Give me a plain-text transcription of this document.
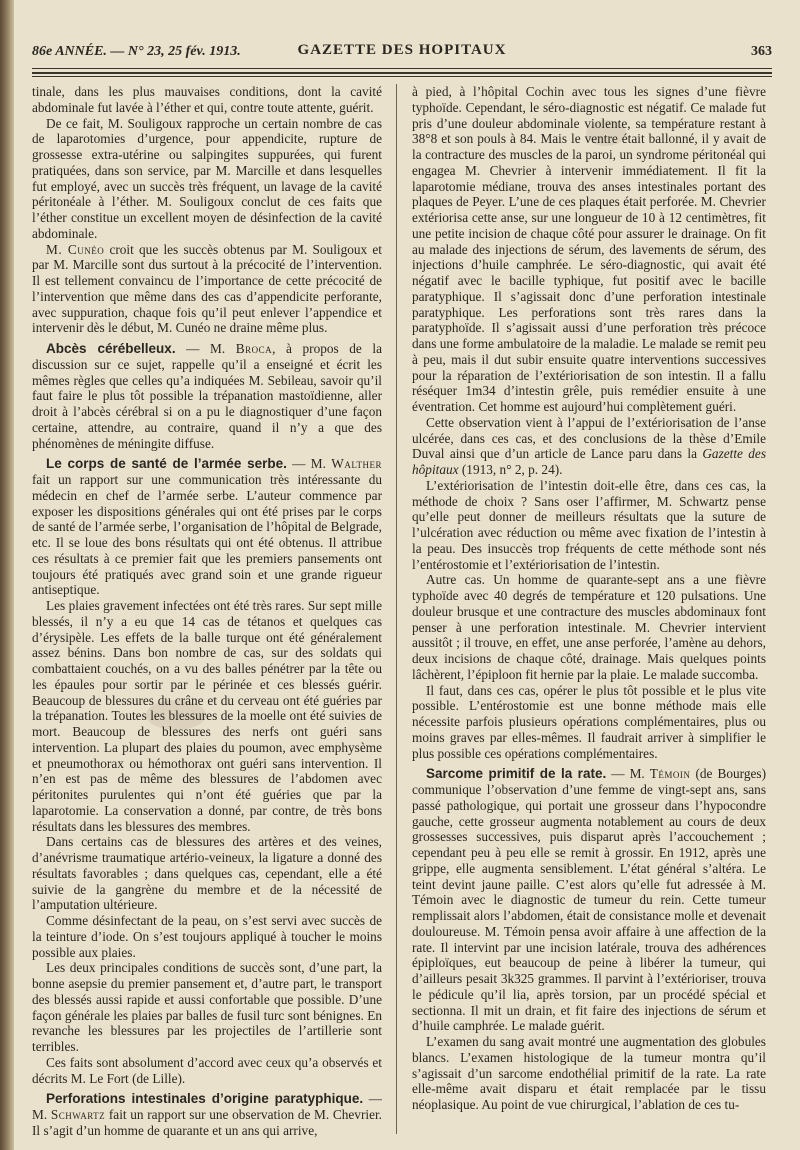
86e ANNÉE. — N° 23, 25 fév. 1913.	GAZETTE DES HOPITAUX	363

tinale, dans les plus mauvaises conditions, dont la cavité abdominale fut lavée à l’éther et qui, contre toute attente, guérit.

De ce fait, M. Souligoux rapproche un certain nombre de cas de laparotomies d’urgence, pour appendicite, rupture de grossesse extra-utérine ou salpingites suppurées, qui furent pratiquées, dans son service, par M. Marcille et dans lesquelles fut employé, avec un succès très fréquent, un lavage de la cavité péritonéale à l’éther. M. Souligoux conclut de ces faits que l’éther constitue un excellent moyen de désinfection de la cavité abdominale.

M. Cunéo croit que les succès obtenus par M. Souligoux et par M. Marcille sont dus surtout à la précocité de l’intervention. Il est tellement convaincu de l’importance de cette précocité de l’intervention que même dans des cas d’appendicite perforante, avec suppuration, chaque fois qu’il peut enlever l’appendice et intervenir dès le début, M. Cunéo ne draine même plus.

Abcès cérébelleux. — M. Broca, à propos de la discussion sur ce sujet, rappelle qu’il a enseigné et écrit les mêmes règles que celles qu’a indiquées M. Sebileau, savoir qu’il faut faire le plus tôt possible la trépanation mastoïdienne, aller droit à l’abcès cérébral si on a pu le diagnostiquer d’une façon certaine, attendre, au contraire, quand il n’y a que des phénomènes de méningite diffuse.

Le corps de santé de l’armée serbe. — M. Walther fait un rapport sur une communication très intéressante du médecin en chef de l’armée serbe. L’auteur commence par exposer les dispositions générales qui ont été prises par le corps de santé de l’armée serbe, l’organisation de l’hôpital de Belgrade, etc. Il se loue des bons résultats qui ont été obtenus. Il attribue ces résultats à ce premier fait que les premiers pansements ont toujours été pratiqués avec grand soin et une grande rigueur antiseptique.

Les plaies gravement infectées ont été très rares. Sur sept mille blessés, il n’y a eu que 14 cas de tétanos et quelques cas d’érysipèle. Les effets de la balle turque ont été généralement assez bénins. Dans bon nombre de cas, sur des soldats qui combattaient couchés, on a vu des balles pénétrer par la tête ou les épaules pour sortir par le périnée et ces blessés guérir. Beaucoup de blessures du crâne et du cerveau ont été guéries par la trépanation. Toutes les blessures de la moelle ont été suivies de mort. Beaucoup de blessures des nerfs ont guéri sans intervention. La plupart des plaies du poumon, avec emphysème et pneumothorax ou hémothorax ont guéri sans intervention. Il n’en est pas de même des blessures de l’abdomen avec péritonites purulentes qui n’ont été guéries que par la laparotomie. La conservation a donné, par contre, de très bons résultats dans les blessures des membres.

Dans certains cas de blessures des artères et des veines, d’anévrisme traumatique artério-veineux, la ligature a donné des résultats favorables ; dans quelques cas, cependant, elle a été suivie de la gangrène du membre et de la nécessité de l’amputation ultérieure.

Comme désinfectant de la peau, on s’est servi avec succès de la teinture d’iode. On s’est toujours appliqué à toucher le moins possible aux plaies.

Les deux principales conditions de succès sont, d’une part, la bonne asepsie du premier pansement et, d’autre part, le transport des blessés aussi rapide et aussi confortable que possible. D’une façon générale les plaies par balles de fusil turc sont bénignes. En revanche les blessures par les projectiles de l’artillerie sont terribles.

Ces faits sont absolument d’accord avec ceux qu’a observés et décrits M. Le Fort (de Lille).

Perforations intestinales d’origine paratyphique. — M. Schwartz fait un rapport sur une observation de M. Chevrier. Il s’agit d’un homme de quarante et un ans qui arrive,

à pied, à l’hôpital Cochin avec tous les signes d’une fièvre typhoïde. Cependant, le séro-diagnostic est négatif. Ce malade fut pris d’une douleur abdominale violente, sa température restant à 38°8 et son pouls à 84. Mais le ventre était ballonné, il y avait de la contracture des muscles de la paroi, un syndrome péritonéal qui engagea M. Chevrier à intervenir immédiatement. Il fit la laparotomie médiane, trouva des anses intestinales portant des plaques de Peyer. L’une de ces plaques était perforée. M. Chevrier extériorisa cette anse, sur une longueur de 10 à 12 centimètres, fit une petite incision de chaque côté pour assurer le drainage. On fit au malade des injections de sérum, des lavements de sérum, des injections d’huile camphrée. Le séro-diagnostic, qui avait été négatif avec le bacille typhique, fut positif avec le bacille paratyphique. Il s’agissait donc d’une perforation intestinale paratyphique. Les perforations sont très rares dans la paratyphoïde. Il s’agissait aussi d’une perforation très précoce dans une forme ambulatoire de la maladie. Le malade se remit peu à peu, mais il dut subir ensuite quatre interventions successives pour la réparation de l’extériorisation de son intestin. Il a fallu réséquer 1m34 d’intestin grêle, puis remédier ensuite à une éventration. Cet homme est aujourd’hui complètement guéri.

Cette observation vient à l’appui de l’extériorisation de l’anse ulcérée, dans ces cas, et des conclusions de la thèse d’Emile Duval ainsi que d’un article de Lance paru dans la Gazette des hôpitaux (1913, n° 2, p. 24).

L’extériorisation de l’intestin doit-elle être, dans ces cas, la méthode de choix ? Sans oser l’affirmer, M. Schwartz pense qu’elle peut donner de meilleurs résultats que la suture de l’ulcération avec réduction ou même avec fixation de l’intestin à la peau. Des insuccès trop fréquents de cette méthode sont nés l’entérostomie et l’extériorisation de l’intestin.

Autre cas. Un homme de quarante-sept ans a une fièvre typhoïde avec 40 degrés de température et 120 pulsations. Une douleur brusque et une contracture des muscles abdominaux font penser à une perforation intestinale. M. Chevrier intervient aussitôt ; il trouve, en effet, une anse perforée, l’amène au dehors, deux incisions de chaque côté, drainage. Mais quelques points lâchèrent, l’épiploon fit hernie par la plaie. Le malade succomba.

Il faut, dans ces cas, opérer le plus tôt possible et le plus vite possible. L’entérostomie est une bonne méthode mais elle nécessite parfois plusieurs opérations complémentaires, plus ou moins graves par elles-mêmes. Il faudrait arriver à simplifier le plus possible ces opérations complémentaires.

Sarcome primitif de la rate. — M. Témoin (de Bourges) communique l’observation d’une femme de vingt-sept ans, sans passé pathologique, qui portait une grosseur dans l’hypocondre gauche, cette grosseur augmenta notablement au cours de deux grossesses successives, puis disparut après l’accouchement ; cependant peu à peu elle se remit à grossir. En 1912, après une grippe, elle augmenta sensiblement. L’état général s’altéra. Le teint devint jaune paille. C’est alors qu’elle fut adressée à M. Témoin avec le diagnostic de tumeur du rein. Cette tumeur remplissait alors l’abdomen, était de consistance molle et devenait douloureuse. M. Témoin pensa avoir affaire à une affection de la rate. Il intervint par une incision latérale, trouva des adhérences épiploïques, eut beaucoup de peine à libérer la tumeur, qui d’ailleurs pesait 3k325 grammes. Il parvint à l’extérioriser, trouva le pédicule qu’il lia, après torsion, par un procédé spécial et sectionna. Il mit un drain, et fit faire des injections de sérum et d’huile camphrée. Le malade guérit.

L’examen du sang avait montré une augmentation des globules blancs. L’examen histologique de la tumeur montra qu’il s’agissait d’un sarcome endothélial primitif de la rate. La rate elle-même avait disparu et était remplacée par le tissu néoplasique. Au point de vue chirurgical, l’ablation de ces tu-
